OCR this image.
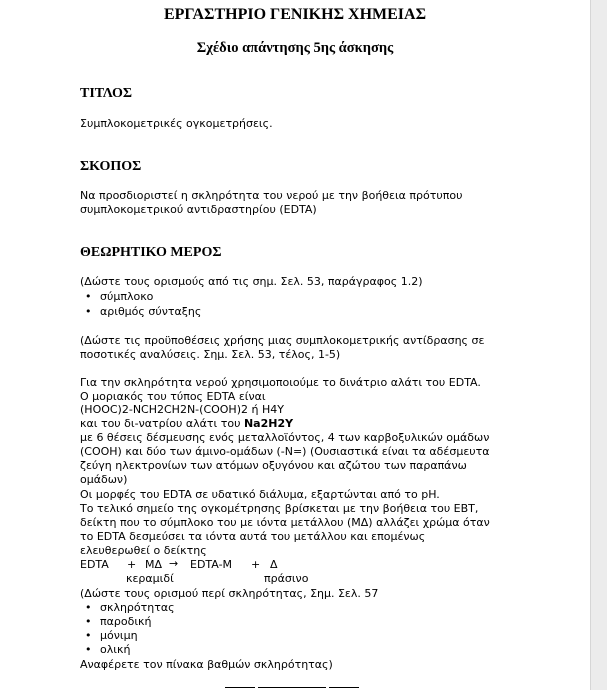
ΕΡΓΑΣΤΗΡΙΟ ΓΕΝΙΚΗΣ ΧΗΜΕΙΑΣ
Σχέδιο απάντησης 5ης άσκησης
ΤΙΤΛΟΣ
Συμπλοκομετρικές ογκομετρήσεις.
ΣΚΟΠΟΣ
Να προσδιοριστεί η σκληρότητα του νερού με την βοήθεια πρότυπου
συμπλοκομετρικού αντιδραστηρίου (EDTA)
ΘΕΩΡΗΤΙΚΟ ΜΕΡΟΣ
(Δώστε τους ορισμούς από τις σημ. Σελ. 53, παράγραφος 1.2)
• σύμπλοκο
• αριθμός σύνταξης
(Δώστε τις προϋποθέσεις χρήσης μιας συμπλοκομετρικής αντίδρασης σε
ποσοτικές αναλύσεις. Σημ. Σελ. 53, τέλος, 1-5)
Για την σκληρότητα νερού χρησιμοποιούμε το δινάτριο αλάτι του EDTA.
Ο μοριακός του τύπος EDTA είναι
(HOOC)2-NCH2CH2N-(COOH)2 ή H4Y
και του δι-νατρίου αλάτι του Na2H2Y
με 6 θέσεις δέσμευσης ενός μεταλλοϊόντος, 4 των καρβοξυλικών ομάδων
(COOH) και δύο των άμινο-ομάδων (-Ν=) (Ουσιαστικά είναι τα αδέσμευτα
ζεύγη ηλεκτρονίων των ατόμων οξυγόνου και αζώτου των παραπάνω
ομάδων)
Οι μορφές του EDTA σε υδατικό διάλυμα, εξαρτώνται από το pH.
Το τελικό σημείο της ογκομέτρησης βρίσκεται με την βοήθεια του ΕΒΤ,
δείκτη που το σύμπλοκο του με ιόντα μετάλλου (ΜΔ) αλλάζει χρώμα όταν
το EDTA δεσμεύσει τα ιόντα αυτά του μετάλλου και επομένως
ελευθερωθεί ο δείκτης
EDTA + ΜΔ → EDTA-M + Δ
κεραμιδί	πράσινο
(Δώστε τους ορισμού περί σκληρότητας, Σημ. Σελ. 57
• σκληρότητας
• παροδική
• μόνιμη
• ολική
Αναφέρετε τον πίνακα βαθμών σκληρότητας)
